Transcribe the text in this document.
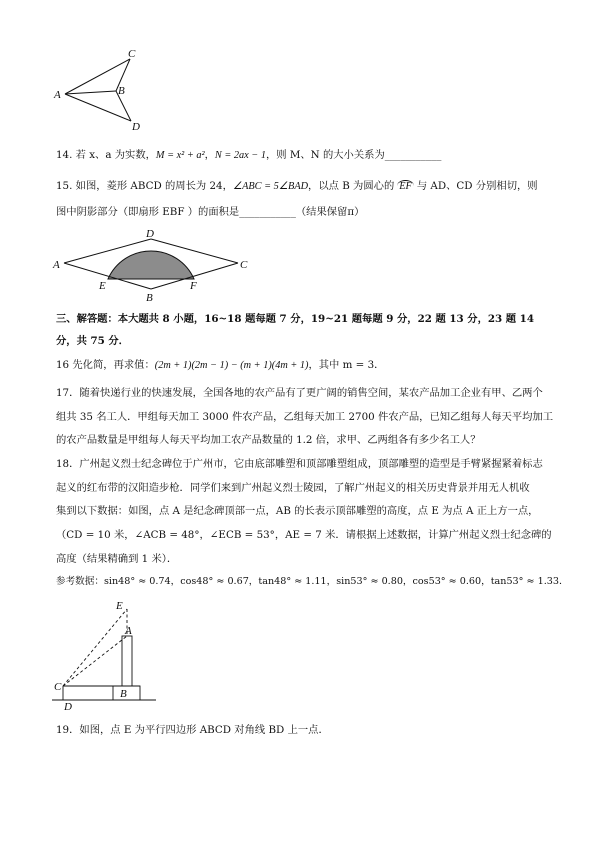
C
A	B
D
14. 若 x、a 为实数，M = x² + a²，N = 2ax − 1，则 M、N 的大小关系为___________
15. 如图，菱形 ABCD 的周长为 24，∠ABC = 5∠BAD，以点 B 为圆心的 EF 与 AD、CD 分别相切，则
图中阴影部分（即扇形 EBF ）的面积是___________（结果保留π）
D
A	C
E	F
B
三、解答题：本大题共 8 小题，16~18 题每题 7 分，19~21 题每题 9 分，22 题 13 分，23 题 14
分，共 75 分．
16 先化简，再求值：(2m + 1)(2m − 1) − (m + 1)(4m + 1)，其中 m = 3．
17．随着快递行业的快速发展，全国各地的农产品有了更广阔的销售空间，某农产品加工企业有甲、乙两个
组共 35 名工人．甲组每天加工 3000 件农产品，乙组每天加工 2700 件农产品，已知乙组每人每天平均加工
的农产品数量是甲组每人每天平均加工农产品数量的 1.2 倍，求甲、乙两组各有多少名工人？
18．广州起义烈士纪念碑位于广州市，它由底部雕塑和顶部雕塑组成，顶部雕塑的造型是手臂紧握紧着标志
起义的红布带的汉阳造步枪．同学们来到广州起义烈士陵园，了解广州起义的相关历史背景并用无人机收
集到以下数据：如图，点 A 是纪念碑顶部一点，AB 的长表示顶部雕塑的高度，点 E 为点 A 正上方一点，
（CD = 10 米，∠ACB = 48°，∠ECB = 53°，AE = 7 米．请根据上述数据，计算广州起义烈士纪念碑的
高度（结果精确到 1 米）．
参考数据：sin48° ≈ 0.74，cos48° ≈ 0.67，tan48° ≈ 1.11，sin53° ≈ 0.80，cos53° ≈ 0.60，tan53° ≈ 1.33．
E
A
C
B
D
19．如图，点 E 为平行四边形 ABCD 对角线 BD 上一点．
